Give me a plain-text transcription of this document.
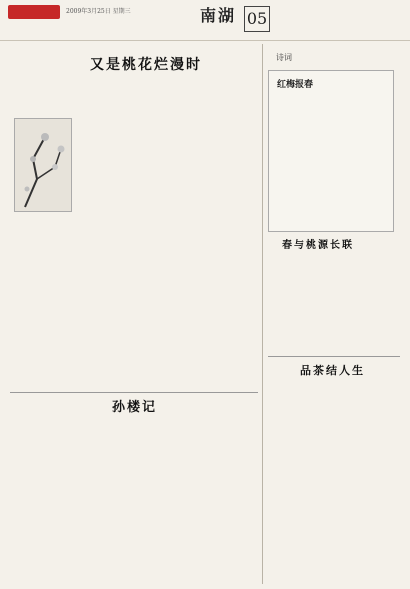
2009年3月25日 星期三	南湖 05
又是桃花烂漫时
孙楼记
诗词
红梅报春
春与桃源长联
品茶结人生
